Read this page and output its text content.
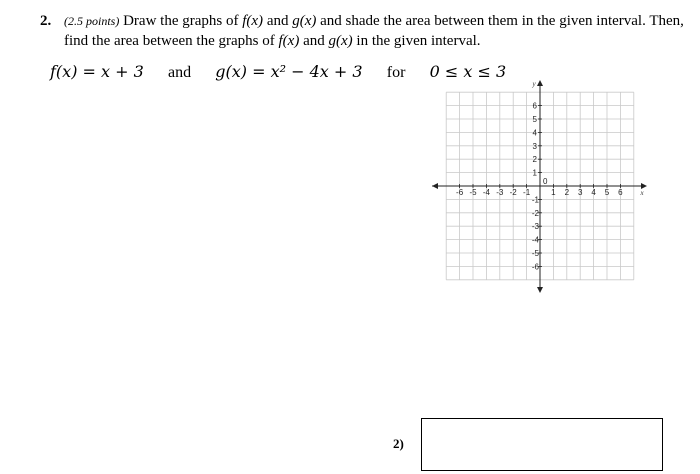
2. (2.5 points) Draw the graphs of f(x) and g(x) and shade the area between them in the given interval. Then, find the area between the graphs of f(x) and g(x) in the given interval.
f(x) = x + 3 and g(x) = x² − 4x + 3 for 0 ≤ x ≤ 3
-6 -5 -4 -3 -2 -1	1 2 3 4 5 6
6
5
4
3
2
1
-1
-2
-3
-4
-5
-6
0
x
y
2)
